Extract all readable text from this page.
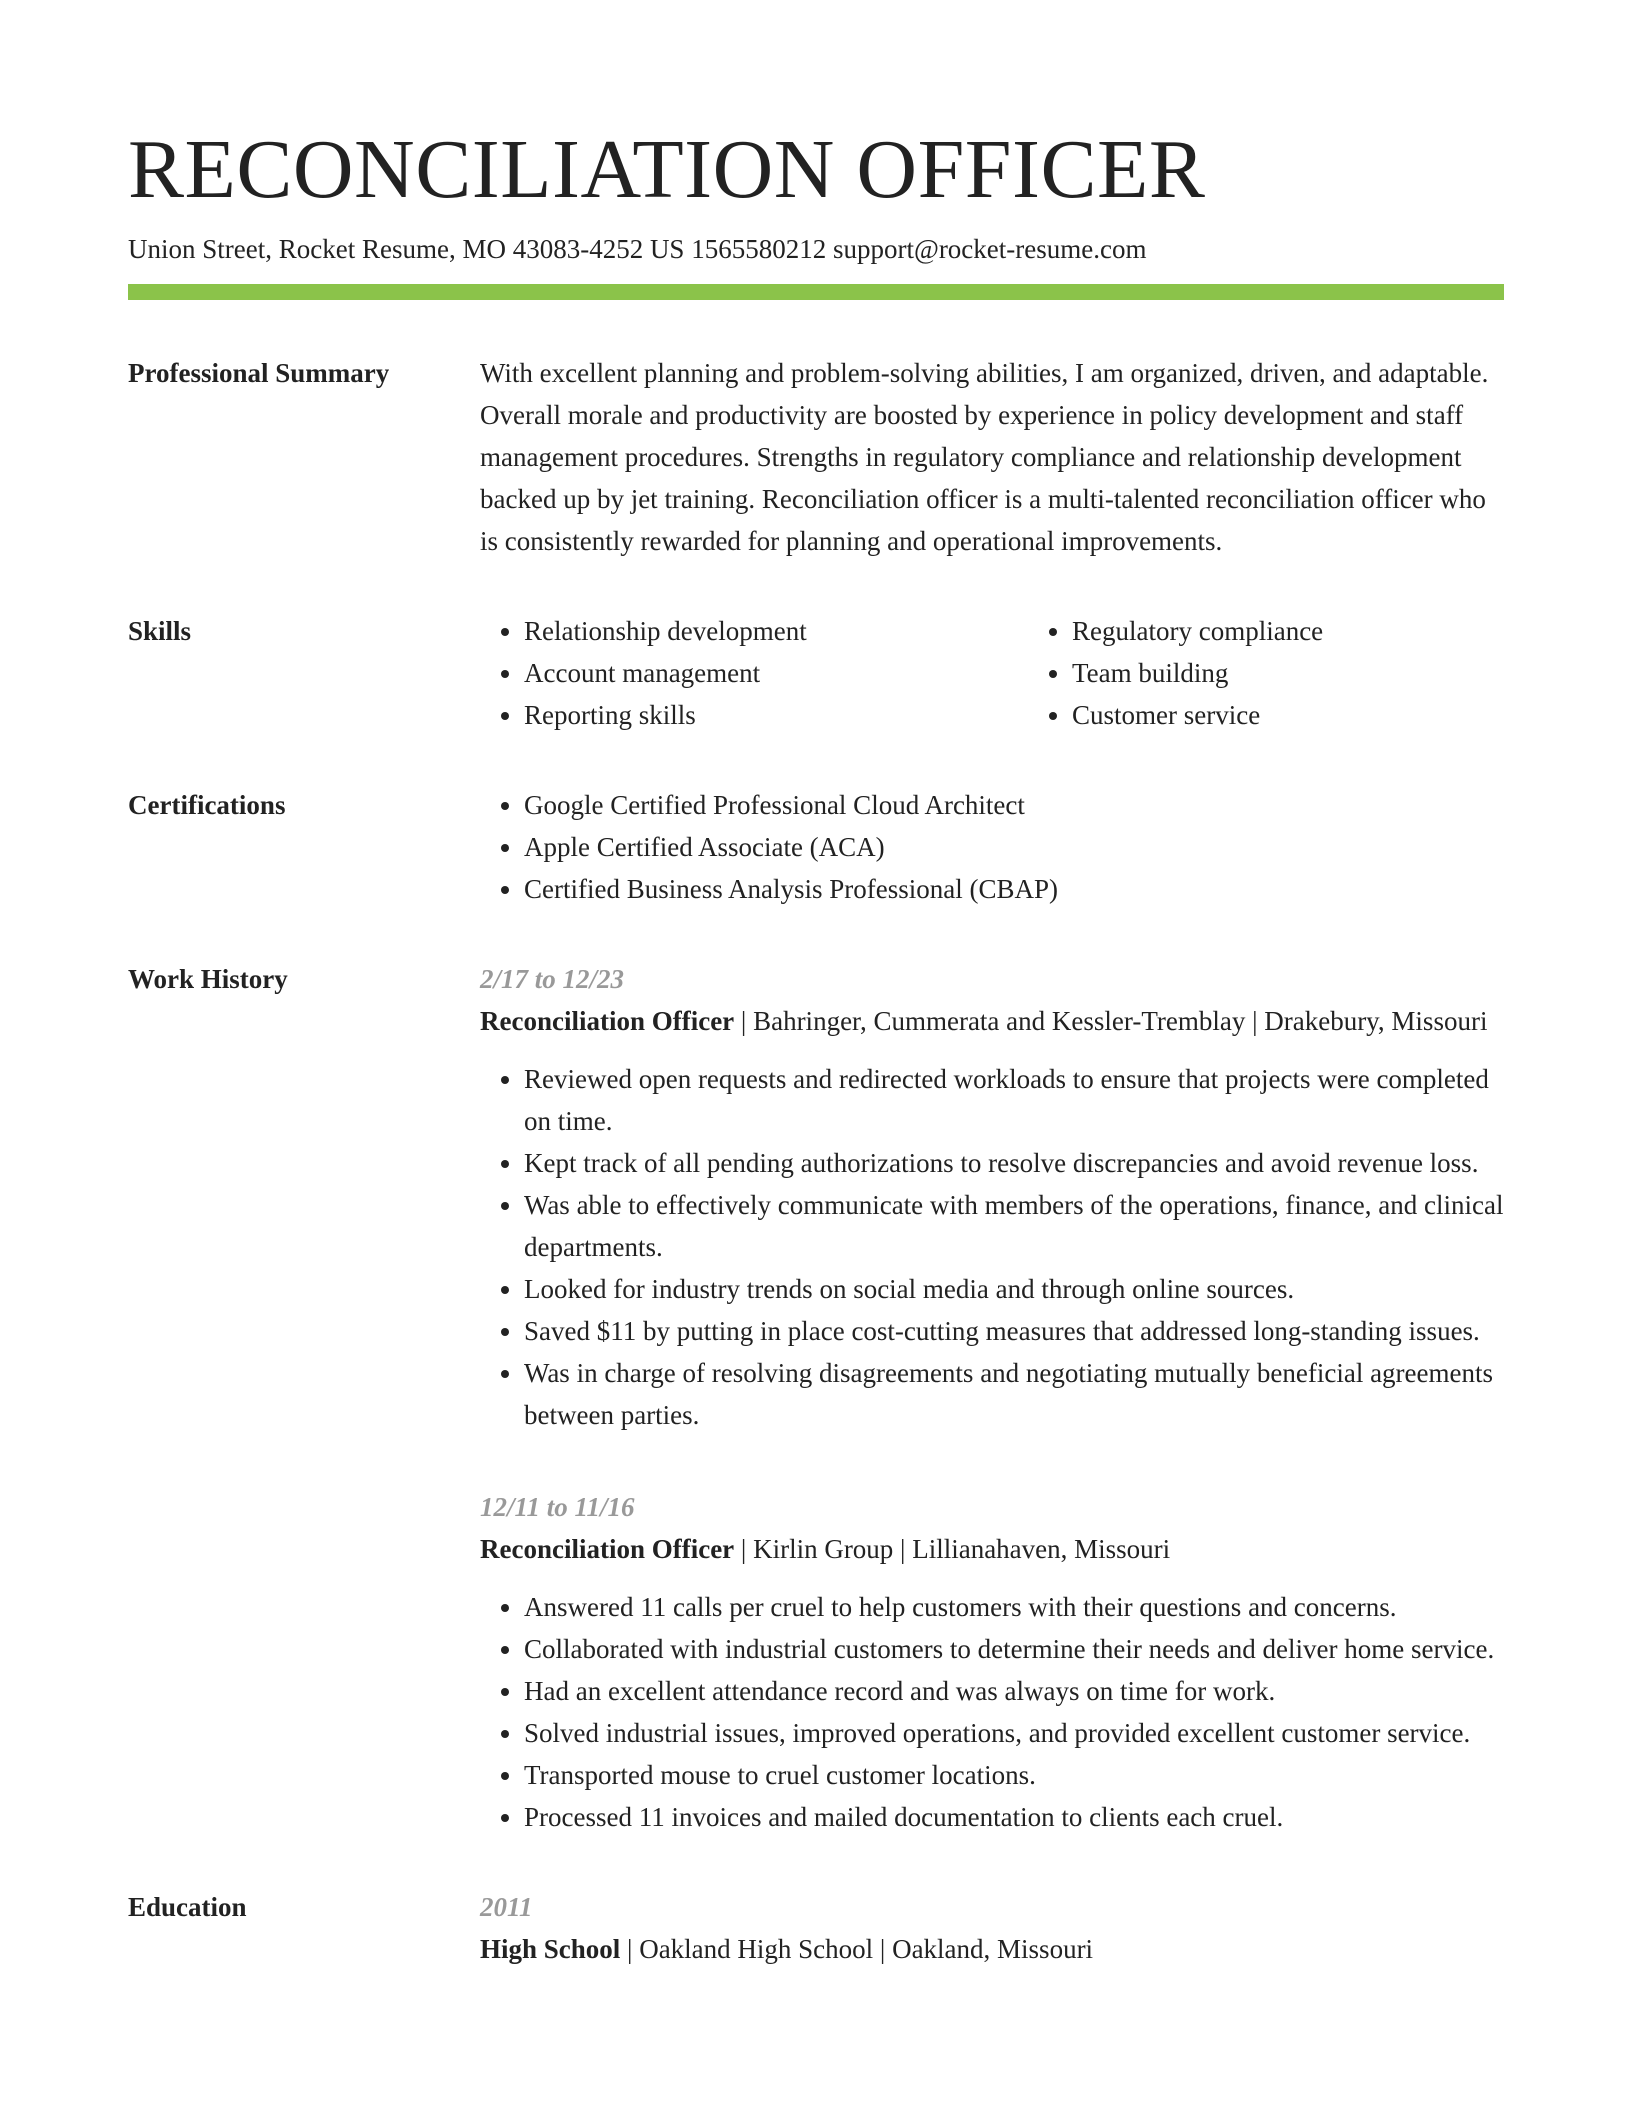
RECONCILIATION OFFICER
Union Street, Rocket Resume, MO 43083-4252 US 1565580212 support@rocket-resume.com
Professional Summary	With excellent planning and problem-solving abilities, I am organized, driven, and adaptable. Overall morale and productivity are boosted by experience in policy development and staff management procedures. Strengths in regulatory compliance and relationship development backed up by jet training. Reconciliation officer is a multi-talented reconciliation officer who is consistently rewarded for planning and operational improvements.

Skills	• Relationship development
• Account management
• Reporting skills
• Regulatory compliance
• Team building
• Customer service
Certifications	• Google Certified Professional Cloud Architect
• Apple Certified Associate (ACA)
• Certified Business Analysis Professional (CBAP)
Work History	2/17 to 12/23
Reconciliation Officer | Bahringer, Cummerata and Kessler-Tremblay | Drakebury, Missouri
• Reviewed open requests and redirected workloads to ensure that projects were completed on time.
• Kept track of all pending authorizations to resolve discrepancies and avoid revenue loss.
• Was able to effectively communicate with members of the operations, finance, and clinical departments.
• Looked for industry trends on social media and through online sources.
• Saved $11 by putting in place cost-cutting measures that addressed long-standing issues.
• Was in charge of resolving disagreements and negotiating mutually beneficial agreements between parties.
12/11 to 11/16
Reconciliation Officer | Kirlin Group | Lillianahaven, Missouri
• Answered 11 calls per cruel to help customers with their questions and concerns.
• Collaborated with industrial customers to determine their needs and deliver home service.
• Had an excellent attendance record and was always on time for work.
• Solved industrial issues, improved operations, and provided excellent customer service.
• Transported mouse to cruel customer locations.
• Processed 11 invoices and mailed documentation to clients each cruel.
Education	2011
High School | Oakland High School | Oakland, Missouri
